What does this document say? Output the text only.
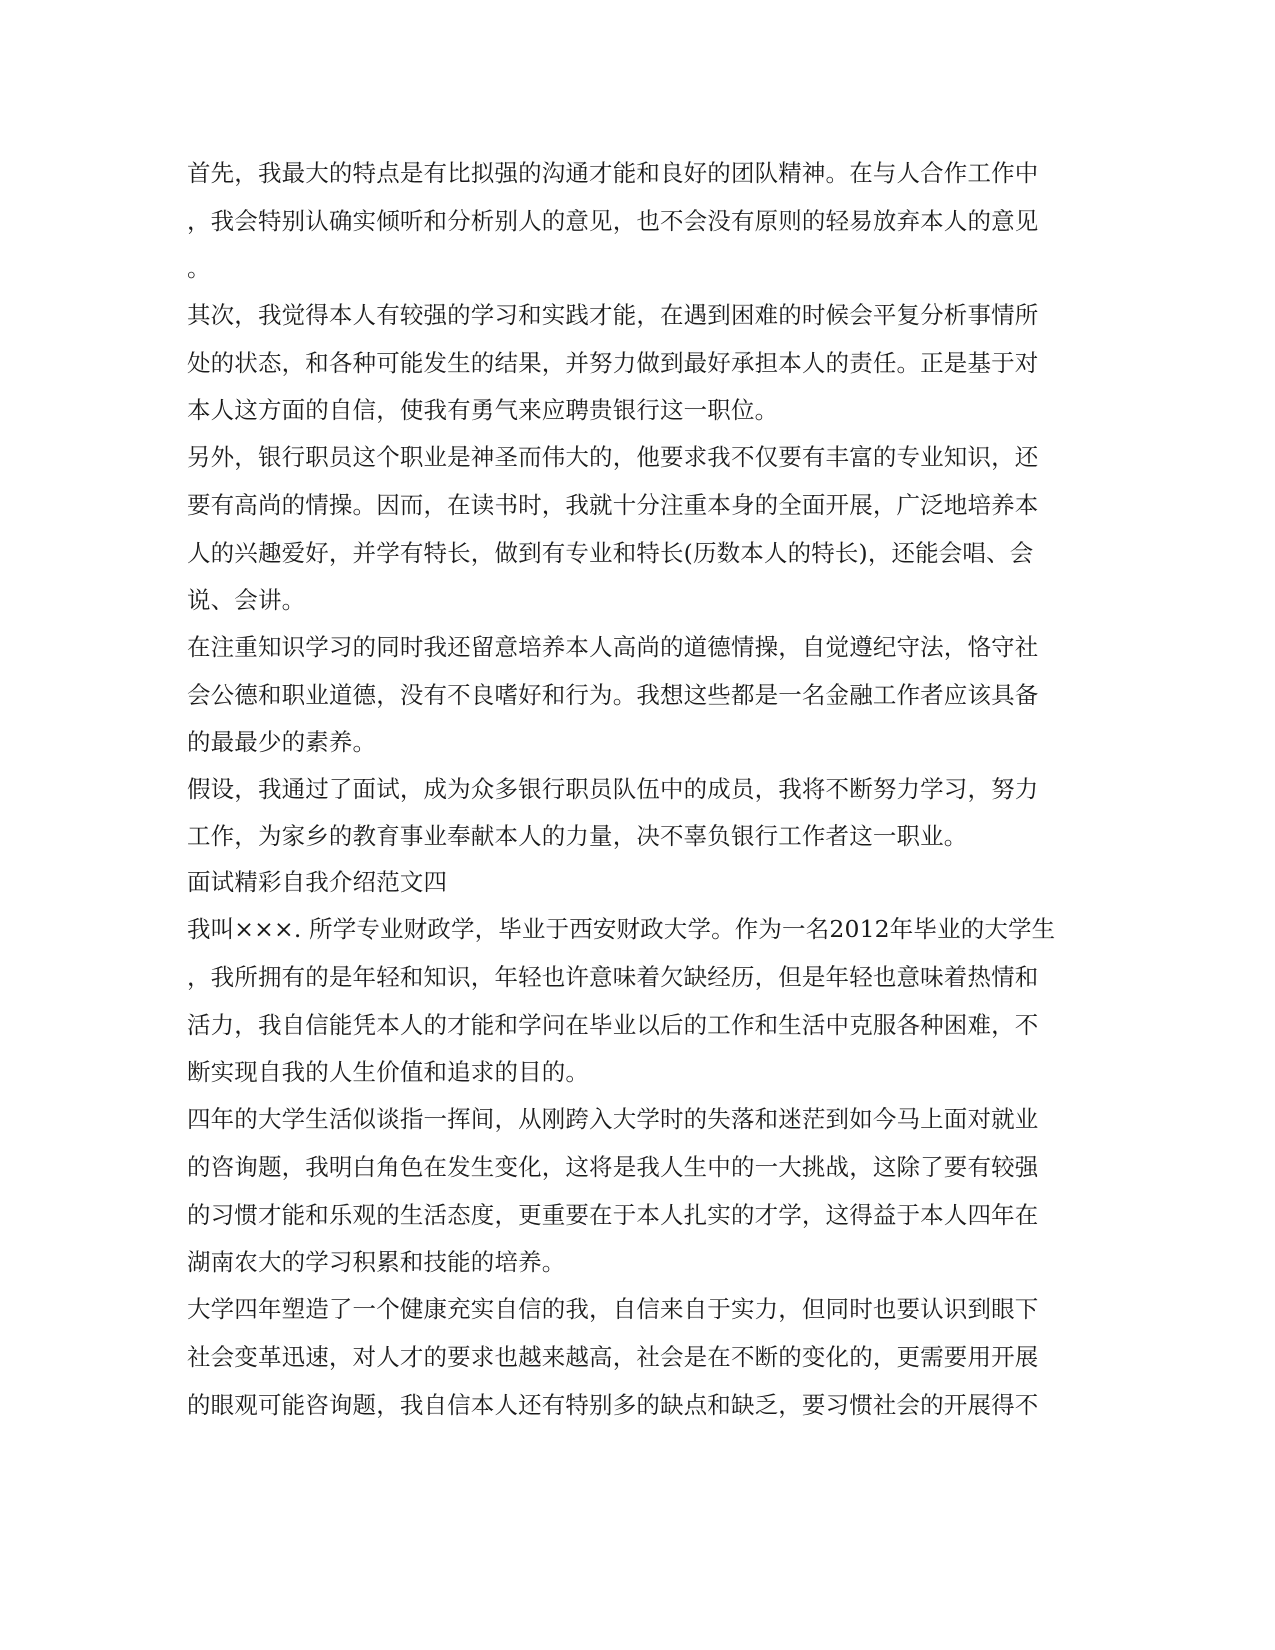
首先，我最大的特点是有比拟强的沟通才能和良好的团队精神。在与人合作工作中
，我会特别认确实倾听和分析别人的意见，也不会没有原则的轻易放弃本人的意见
。
其次，我觉得本人有较强的学习和实践才能，在遇到困难的时候会平复分析事情所
处的状态，和各种可能发生的结果，并努力做到最好承担本人的责任。正是基于对
本人这方面的自信，使我有勇气来应聘贵银行这一职位。
另外，银行职员这个职业是神圣而伟大的，他要求我不仅要有丰富的专业知识，还
要有高尚的情操。因而，在读书时，我就十分注重本身的全面开展，广泛地培养本
人的兴趣爱好，并学有特长，做到有专业和特长(历数本人的特长)，还能会唱、会
说、会讲。
在注重知识学习的同时我还留意培养本人高尚的道德情操，自觉遵纪守法，恪守社
会公德和职业道德，没有不良嗜好和行为。我想这些都是一名金融工作者应该具备
的最最少的素养。
假设，我通过了面试，成为众多银行职员队伍中的成员，我将不断努力学习，努力
工作，为家乡的教育事业奉献本人的力量，决不辜负银行工作者这一职业。
面试精彩自我介绍范文四
我叫×××. 所学专业财政学，毕业于西安财政大学。作为一名2012年毕业的大学生
，我所拥有的是年轻和知识，年轻也许意味着欠缺经历，但是年轻也意味着热情和
活力，我自信能凭本人的才能和学问在毕业以后的工作和生活中克服各种困难，不
断实现自我的人生价值和追求的目的。
四年的大学生活似谈指一挥间，从刚跨入大学时的失落和迷茫到如今马上面对就业
的咨询题，我明白角色在发生变化，这将是我人生中的一大挑战，这除了要有较强
的习惯才能和乐观的生活态度，更重要在于本人扎实的才学，这得益于本人四年在
湖南农大的学习积累和技能的培养。
大学四年塑造了一个健康充实自信的我，自信来自于实力，但同时也要认识到眼下
社会变革迅速，对人才的要求也越来越高，社会是在不断的变化的，更需要用开展
的眼观可能咨询题，我自信本人还有特别多的缺点和缺乏，要习惯社会的开展得不
